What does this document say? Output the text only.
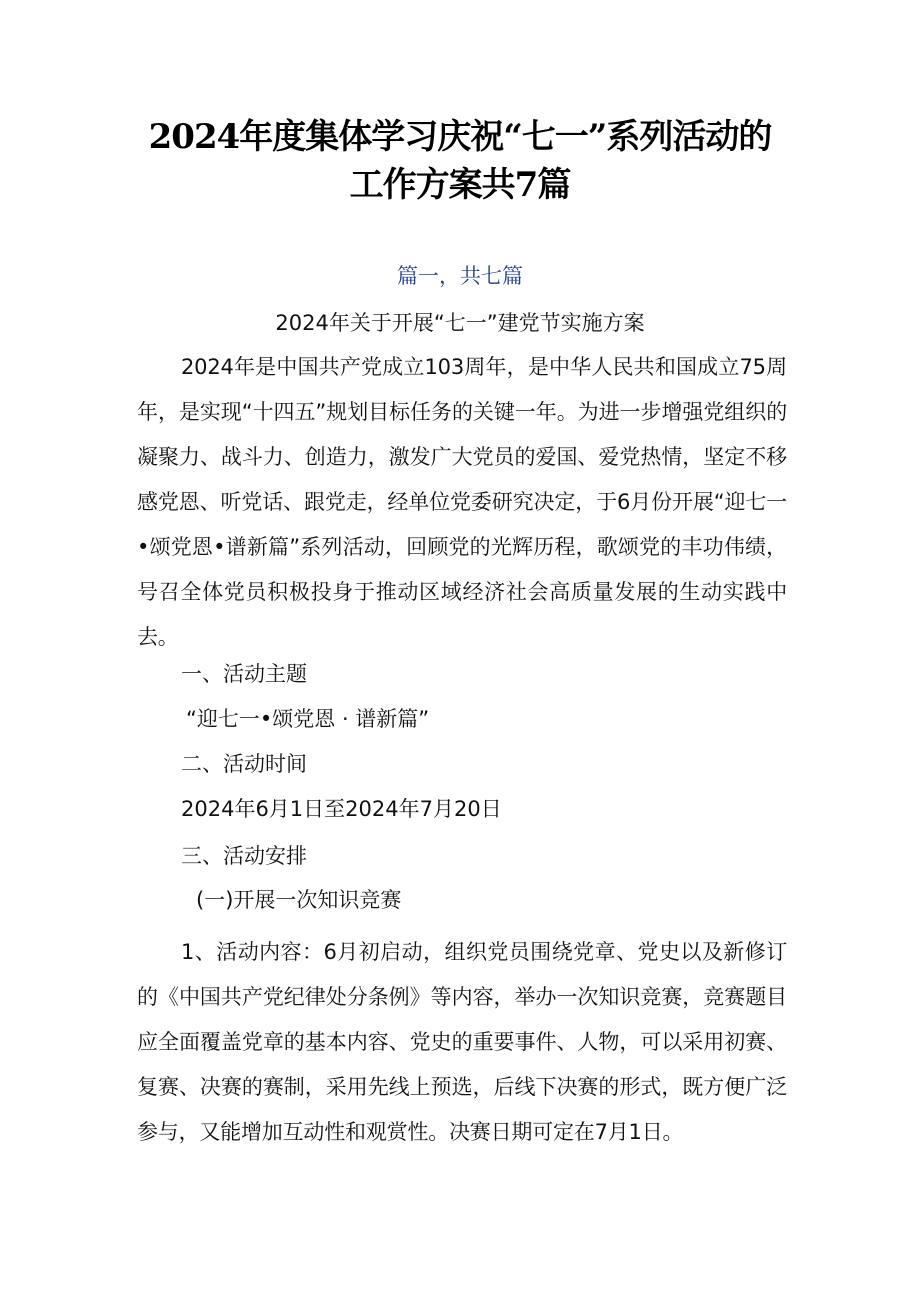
2024年度集体学习庆祝“七一”系列活动的
工作方案共7篇
篇一，共七篇
2024年关于开展“七一”建党节实施方案
2024年是中国共产党成立103周年，是中华人民共和国成立75周年，是实现“十四五”规划目标任务的关键一年。为进一步增强党组织的凝聚力、战斗力、创造力，激发广大党员的爱国、爱党热情，坚定不移感党恩、听党话、跟党走，经单位党委研究决定，于6月份开展“迎七一•颂党恩•谱新篇”系列活动，回顾党的光辉历程，歌颂党的丰功伟绩，号召全体党员积极投身于推动区域经济社会高质量发展的生动实践中去。
一、活动主题
“迎七一•颂党恩 · 谱新篇”
二、活动时间
2024年6月1日至2024年7月20日
三、活动安排
(一)开展一次知识竞赛
1、活动内容：6月初启动，组织党员围绕党章、党史以及新修订的《中国共产党纪律处分条例》等内容，举办一次知识竞赛，竞赛题目应全面覆盖党章的基本内容、党史的重要事件、人物，可以采用初赛、复赛、决赛的赛制，采用先线上预选，后线下决赛的形式，既方便广泛参与，又能增加互动性和观赏性。决赛日期可定在7月1日。
